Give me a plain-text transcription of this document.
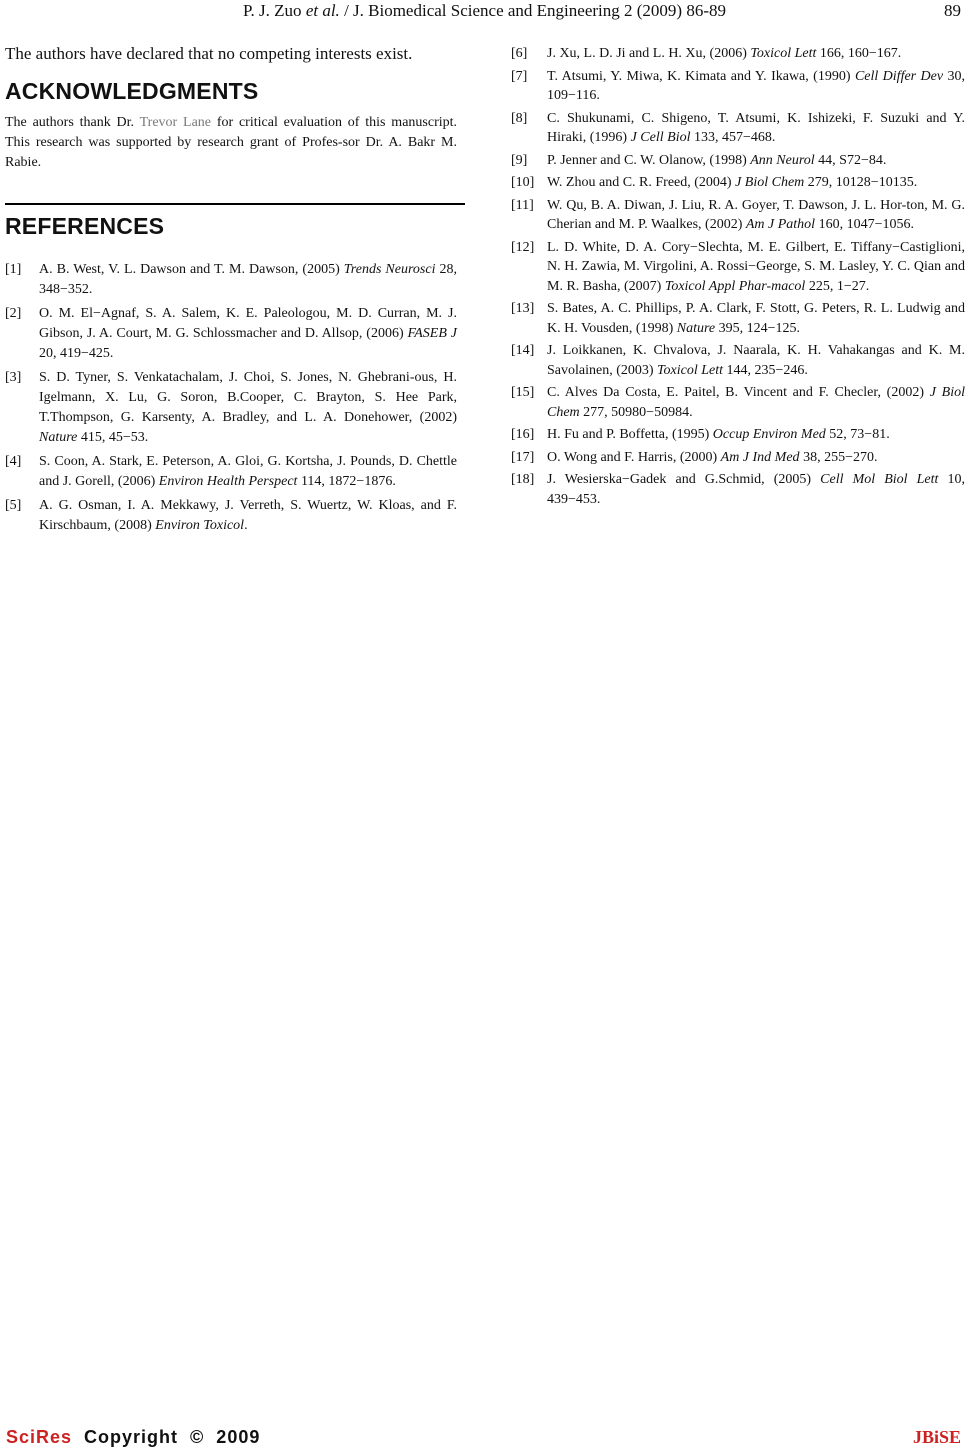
P. J. Zuo et al. / J. Biomedical Science and Engineering 2 (2009) 86-89	89

The authors have declared that no competing interests exist.

ACKNOWLEDGMENTS

The authors thank Dr. Trevor Lane for critical evaluation of this manuscript. This research was supported by research grant of Profes-sor Dr. A. Bakr M. Rabie.

REFERENCES
[1] A. B. West, V. L. Dawson and T. M. Dawson, (2005) Trends Neurosci 28, 348−352.
[2] O. M. El−Agnaf, S. A. Salem, K. E. Paleologou, M. D. Curran, M. J. Gibson, J. A. Court, M. G. Schlossmacher and D. Allsop, (2006) FASEB J 20, 419−425.
[3] S. D. Tyner, S. Venkatachalam, J. Choi, S. Jones, N. Ghebrani-ous, H. Igelmann, X. Lu, G. Soron, B.Cooper, C. Brayton, S. Hee Park, T.Thompson, G. Karsenty, A. Bradley, and L. A. Donehower, (2002) Nature 415, 45−53.
[4] S. Coon, A. Stark, E. Peterson, A. Gloi, G. Kortsha, J. Pounds, D. Chettle and J. Gorell, (2006) Environ Health Perspect 114, 1872−1876.
[5] A. G. Osman, I. A. Mekkawy, J. Verreth, S. Wuertz, W. Kloas, and F. Kirschbaum, (2008) Environ Toxicol.
[6] J. Xu, L. D. Ji and L. H. Xu, (2006) Toxicol Lett 166, 160−167.
[7] T. Atsumi, Y. Miwa, K. Kimata and Y. Ikawa, (1990) Cell Differ Dev 30, 109−116.
[8] C. Shukunami, C. Shigeno, T. Atsumi, K. Ishizeki, F. Suzuki and Y. Hiraki, (1996) J Cell Biol 133, 457−468.
[9] P. Jenner and C. W. Olanow, (1998) Ann Neurol 44, S72−84.
[10] W. Zhou and C. R. Freed, (2004) J Biol Chem 279, 10128−10135.
[11] W. Qu, B. A. Diwan, J. Liu, R. A. Goyer, T. Dawson, J. L. Hor-ton, M. G. Cherian and M. P. Waalkes, (2002) Am J Pathol 160, 1047−1056.
[12] L. D. White, D. A. Cory−Slechta, M. E. Gilbert, E. Tiffany−Castiglioni, N. H. Zawia, M. Virgolini, A. Rossi−George, S. M. Lasley, Y. C. Qian and M. R. Basha, (2007) Toxicol Appl Phar-macol 225, 1−27.
[13] S. Bates, A. C. Phillips, P. A. Clark, F. Stott, G. Peters, R. L. Ludwig and K. H. Vousden, (1998) Nature 395, 124−125.
[14] J. Loikkanen, K. Chvalova, J. Naarala, K. H. Vahakangas and K. M. Savolainen, (2003) Toxicol Lett 144, 235−246.
[15] C. Alves Da Costa, E. Paitel, B. Vincent and F. Checler, (2002) J Biol Chem 277, 50980−50984.
[16] H. Fu and P. Boffetta, (1995) Occup Environ Med 52, 73−81.
[17] O. Wong and F. Harris, (2000) Am J Ind Med 38, 255−270.
[18] J. Wesierska−Gadek and G.Schmid, (2005) Cell Mol Biol Lett 10, 439−453.
SciRes  Copyright  ©  2009	JBiSE
